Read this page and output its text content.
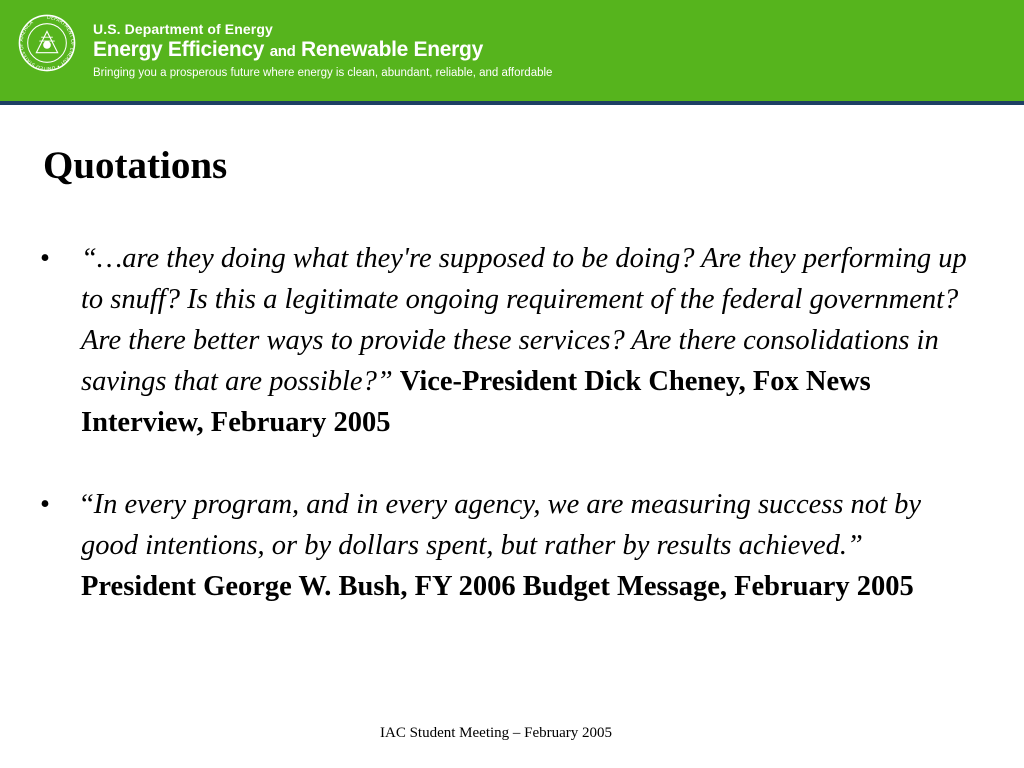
DEPARTMENT OF ENERGY • UNITED STATES OF AMERICA	U.S. Department of Energy
Energy Efficiency and Renewable Energy
Bringing you a prosperous future where energy is clean, abundant, reliable, and affordable
Quotations
• “…are they doing what they're supposed to be doing? Are they performing up to snuff? Is this a legitimate ongoing requirement of the federal government? Are there better ways to provide these services? Are there consolidations in savings that are possible?” Vice-President Dick Cheney, Fox News Interview, February 2005
• “In every program, and in every agency, we are measuring success not by good intentions, or by dollars spent, but rather by results achieved.”
President George W. Bush, FY 2006 Budget Message, February 2005
IAC Student Meeting – February 2005
